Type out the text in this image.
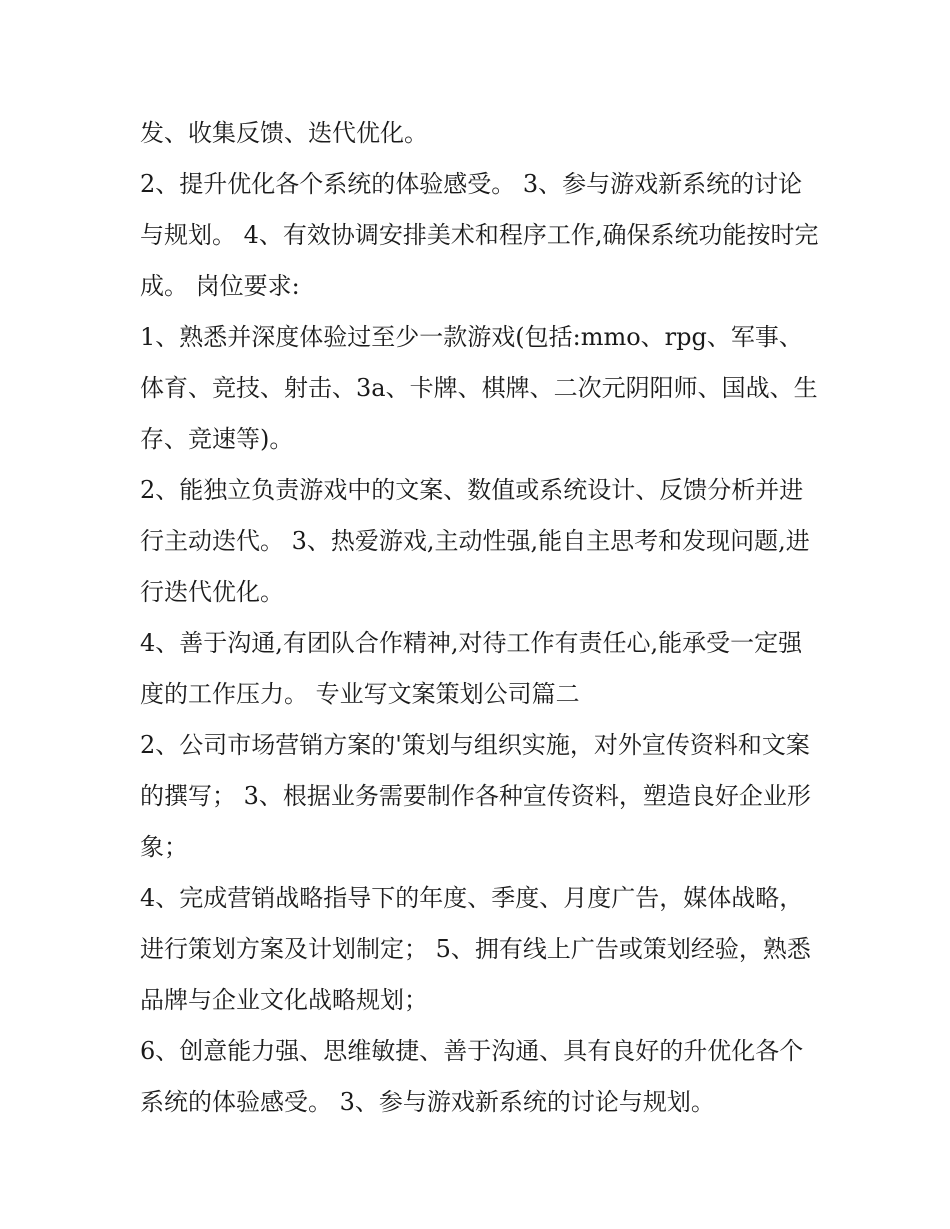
发、收集反馈、迭代优化。

2、提升优化各个系统的体验感受。 3、参与游戏新系统的讨论与规划。 4、有效协调安排美术和程序工作,确保系统功能按时完成。 岗位要求:

1、熟悉并深度体验过至少一款游戏(包括:mmo、rpg、军事、体育、竞技、射击、3a、卡牌、棋牌、二次元阴阳师、国战、生存、竞速等)。

2、能独立负责游戏中的文案、数值或系统设计、反馈分析并进行主动迭代。 3、热爱游戏,主动性强,能自主思考和发现问题,进行迭代优化。

4、善于沟通,有团队合作精神,对待工作有责任心,能承受一定强度的工作压力。 专业写文案策划公司篇二

2、公司市场营销方案的'策划与组织实施，对外宣传资料和文案的撰写； 3、根据业务需要制作各种宣传资料，塑造良好企业形象；

4、完成营销战略指导下的年度、季度、月度广告，媒体战略，进行策划方案及计划制定； 5、拥有线上广告或策划经验，熟悉品牌与企业文化战略规划；

6、创意能力强、思维敏捷、善于沟通、具有良好的升优化各个系统的体验感受。 3、参与游戏新系统的讨论与规划。
